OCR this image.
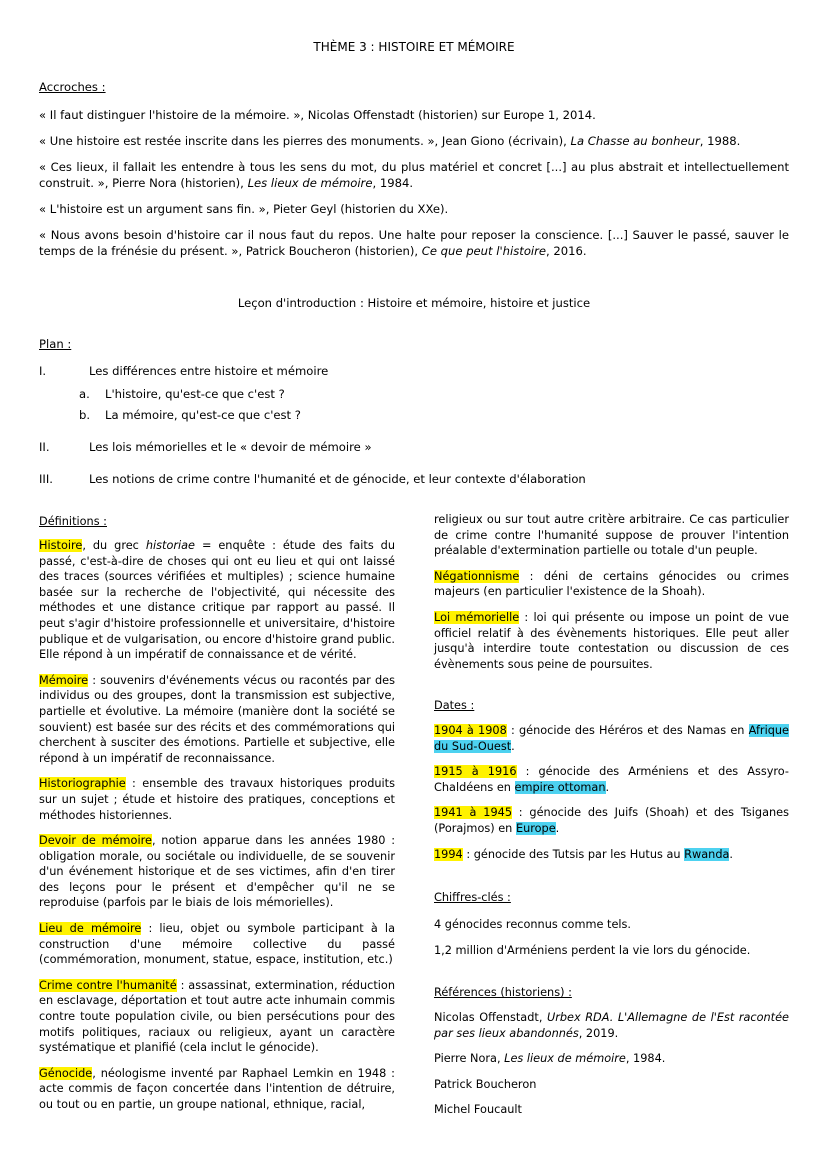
THÈME 3 : HISTOIRE ET MÉMOIRE
Accroches :

« Il faut distinguer l'histoire de la mémoire. », Nicolas Offenstadt (historien) sur Europe 1, 2014.

« Une histoire est restée inscrite dans les pierres des monuments. », Jean Giono (écrivain), La Chasse au bonheur, 1988.

« Ces lieux, il fallait les entendre à tous les sens du mot, du plus matériel et concret [...] au plus abstrait et intellectuellement construit. », Pierre Nora (historien), Les lieux de mémoire, 1984.

« L'histoire est un argument sans fin. », Pieter Geyl (historien du XXe).

« Nous avons besoin d'histoire car il nous faut du repos. Une halte pour reposer la conscience. [...] Sauver le passé, sauver le temps de la frénésie du présent. », Patrick Boucheron (historien), Ce que peut l'histoire, 2016.

Leçon d'introduction : Histoire et mémoire, histoire et justice
Plan :
I.	Les différences entre histoire et mémoire
a. L'histoire, qu'est-ce que c'est ?
b. La mémoire, qu'est-ce que c'est ?
II.	Les lois mémorielles et le « devoir de mémoire »
III.	Les notions de crime contre l'humanité et de génocide, et leur contexte d'élaboration
Définitions :

Histoire, du grec historiae = enquête : étude des faits du passé, c'est-à-dire de choses qui ont eu lieu et qui ont laissé des traces (sources vérifiées et multiples) ; science humaine basée sur la recherche de l'objectivité, qui nécessite des méthodes et une distance critique par rapport au passé. Il peut s'agir d'histoire professionnelle et universitaire, d'histoire publique et de vulgarisation, ou encore d'histoire grand public. Elle répond à un impératif de connaissance et de vérité.

Mémoire : souvenirs d'événements vécus ou racontés par des individus ou des groupes, dont la transmission est subjective, partielle et évolutive. La mémoire (manière dont la société se souvient) est basée sur des récits et des commémorations qui cherchent à susciter des émotions. Partielle et subjective, elle répond à un impératif de reconnaissance.

Historiographie : ensemble des travaux historiques produits sur un sujet ; étude et histoire des pratiques, conceptions et méthodes historiennes.

Devoir de mémoire, notion apparue dans les années 1980 : obligation morale, ou sociétale ou individuelle, de se souvenir d'un événement historique et de ses victimes, afin d'en tirer des leçons pour le présent et d'empêcher qu'il ne se reproduise (parfois par le biais de lois mémorielles).

Lieu de mémoire : lieu, objet ou symbole participant à la construction d'une mémoire collective du passé (commémoration, monument, statue, espace, institution, etc.)

Crime contre l'humanité : assassinat, extermination, réduction en esclavage, déportation et tout autre acte inhumain commis contre toute population civile, ou bien persécutions pour des motifs politiques, raciaux ou religieux, ayant un caractère systématique et planifié (cela inclut le génocide).

Génocide, néologisme inventé par Raphael Lemkin en 1948 : acte commis de façon concertée dans l'intention de détruire, ou tout ou en partie, un groupe national, ethnique, racial,

religieux ou sur tout autre critère arbitraire. Ce cas particulier de crime contre l'humanité suppose de prouver l'intention préalable d'extermination partielle ou totale d'un peuple.

Négationnisme : déni de certains génocides ou crimes majeurs (en particulier l'existence de la Shoah).

Loi mémorielle : loi qui présente ou impose un point de vue officiel relatif à des évènements historiques. Elle peut aller jusqu'à interdire toute contestation ou discussion de ces évènements sous peine de poursuites.

Dates :

1904 à 1908 : génocide des Héréros et des Namas en Afrique du Sud-Ouest.

1915 à 1916 : génocide des Arméniens et des Assyro-Chaldéens en empire ottoman.

1941 à 1945 : génocide des Juifs (Shoah) et des Tsiganes (Porajmos) en Europe.

1994 : génocide des Tutsis par les Hutus au Rwanda.

Chiffres-clés :
4 génocides reconnus comme tels.
1,2 million d'Arméniens perdent la vie lors du génocide.
Références (historiens) :

Nicolas Offenstadt, Urbex RDA. L'Allemagne de l'Est racontée par ses lieux abandonnés, 2019.

Pierre Nora, Les lieux de mémoire, 1984.

Patrick Boucheron

Michel Foucault
